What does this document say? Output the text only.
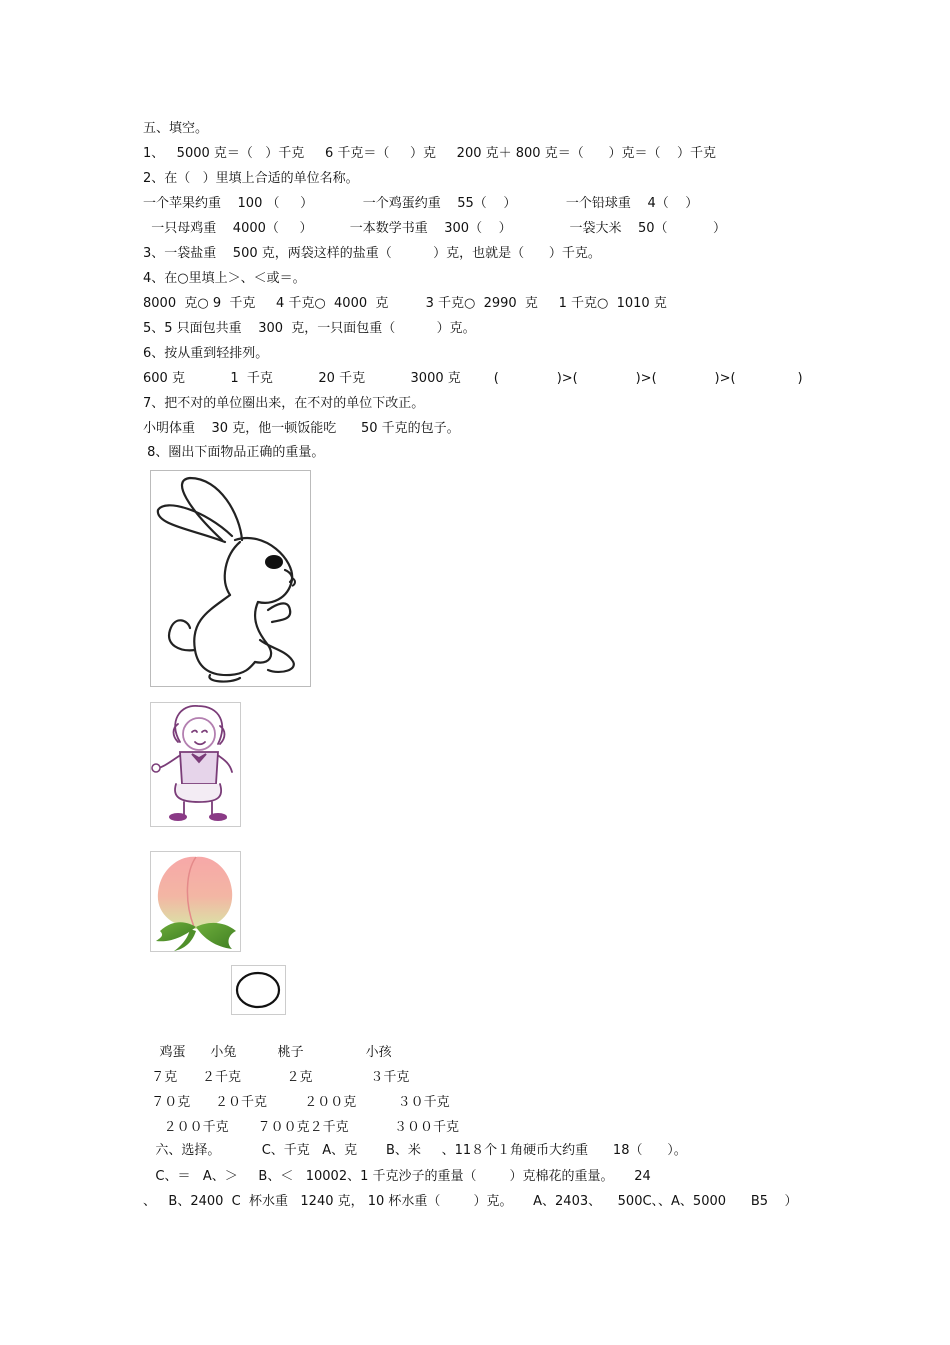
五、填空。

1、   5000 克＝（   ）千克     6 千克＝（     ）克     200 克＋ 800 克＝（      ）克＝（    ）千克

2、在（   ）里填上合适的单位名称。

一个苹果约重    100 （     ）            一个鸡蛋约重    55（    ）            一个铅球重    4（    ）

一只母鸡重    4000（     ）         一本数学书重    300（    ）              一袋大米    50（           ）

3、一袋盐重    500 克，两袋这样的盐重（          ）克，也就是（      ）千克。

4、在○里填上＞、＜或＝。

8000  克○ 9  千克     4 千克○  4000  克         3 千克○  2990  克     1 千克○  1010 克

5、5 只面包共重    300  克，一只面包重（          ）克。

6、按从重到轻排列。

600 克           1  千克           20 千克           3000 克        (              )>(              )>(              )>(               )

7、把不对的单位圈出来，在不对的单位下改正。

小明体重    30 克，他一顿饭能吃      50 千克的包子。

8、圈出下面物品正确的重量。

鸡蛋      小兔          桃子               小孩

７克      ２千克           ２克              ３千克

７０克      ２０千克         ２００克          ３０千克

２００千克       ７００克２千克           ３００千克

六、选择。          C、千克   A、克       B、米     、11８个１角硬币大约重      18（      ）。

C、＝   A、＞     B、＜   10002、1 千克沙子的重量（        ）克棉花的重量。     24

、   B、2400  C  杯水重   1240 克， 10 杯水重（        ）克。     A、2403、    500C、、A、5000      B5    ）
